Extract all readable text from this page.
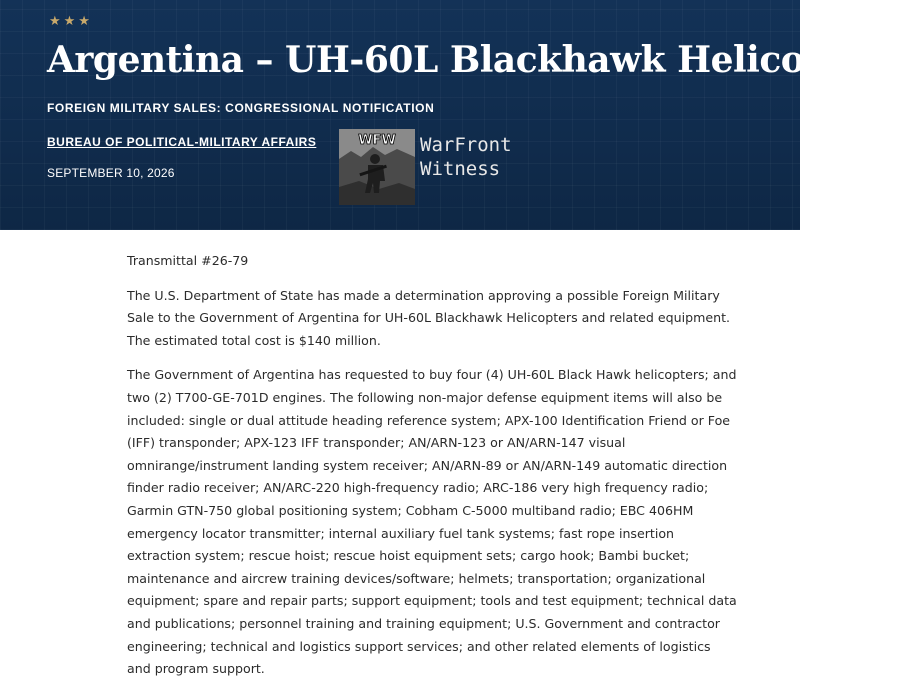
★★★
Argentina – UH-60L Blackhawk Helicopters
FOREIGN MILITARY SALES: CONGRESSIONAL NOTIFICATION
BUREAU OF POLITICAL-MILITARY AFFAIRS
SEPTEMBER 10, 2026
WFW WarFront
Witness

Transmittal #26-79

The U.S. Department of State has made a determination approving a possible Foreign Military Sale to the Government of Argentina for UH-60L Blackhawk Helicopters and related equipment. The estimated total cost is $140 million.

The Government of Argentina has requested to buy four (4) UH-60L Black Hawk helicopters; and two (2) T700-GE-701D engines. The following non-major defense equipment items will also be included: single or dual attitude heading reference system; APX-100 Identification Friend or Foe (IFF) transponder; APX-123 IFF transponder; AN/ARN-123 or AN/ARN-147 visual omnirange/instrument landing system receiver; AN/ARN-89 or AN/ARN-149 automatic direction finder radio receiver; AN/ARC-220 high-frequency radio; ARC-186 very high frequency radio; Garmin GTN-750 global positioning system; Cobham C-5000 multiband radio; EBC 406HM emergency locator transmitter; internal auxiliary fuel tank systems; fast rope insertion extraction system; rescue hoist; rescue hoist equipment sets; cargo hook; Bambi bucket; maintenance and aircrew training devices/software; helmets; transportation; organizational equipment; spare and repair parts; support equipment; tools and test equipment; technical data and publications; personnel training and training equipment; U.S. Government and contractor engineering; technical and logistics support services; and other related elements of logistics and program support.
